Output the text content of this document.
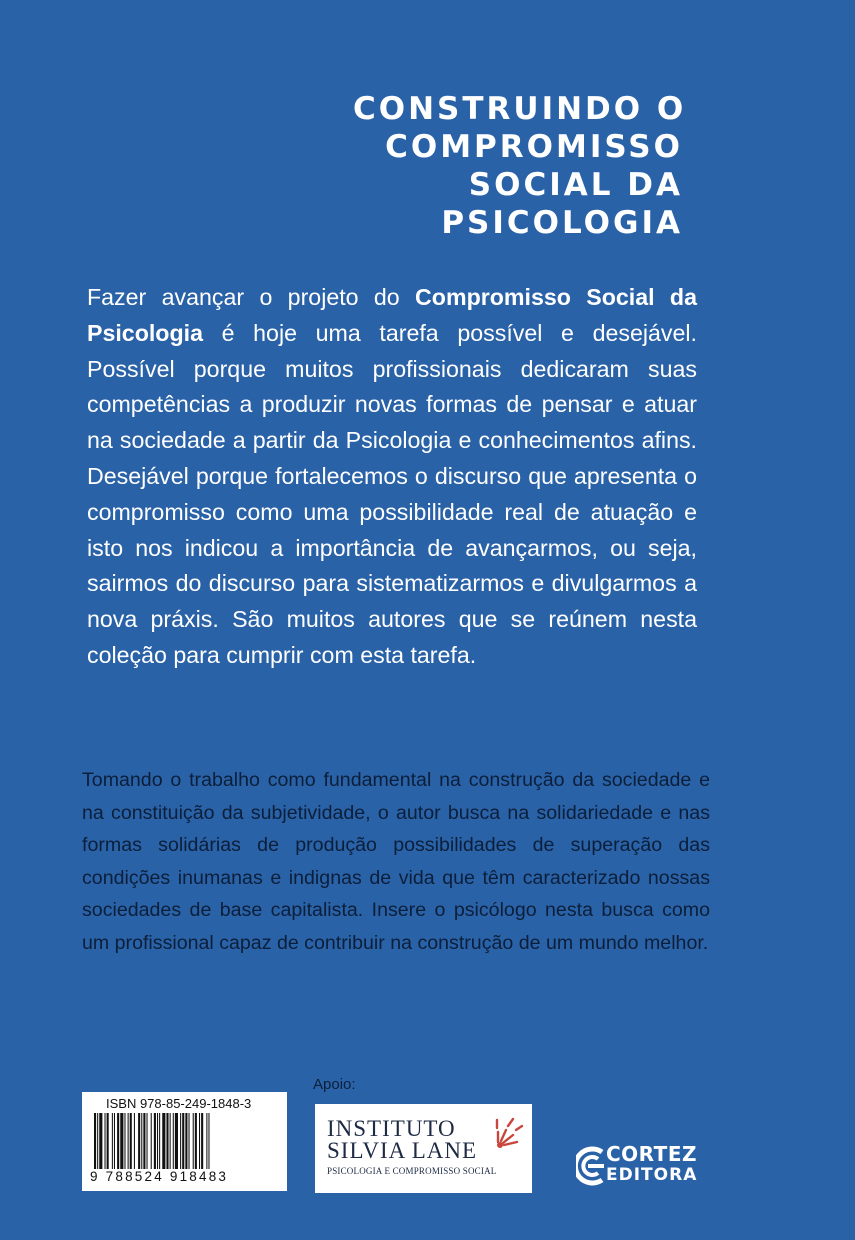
CONSTRUINDO O
COMPROMISSO
SOCIAL DA
PSICOLOGIA

Fazer avançar o projeto do Compromisso Social da Psicologia é hoje uma tarefa possível e desejável. Possível porque muitos profissionais dedicaram suas competências a produzir novas formas de pensar e atuar na sociedade a partir da Psicologia e conhecimentos afins. Desejável porque fortalecemos o discurso que apresenta o compromisso como uma possibilidade real de atuação e isto nos indicou a importância de avançarmos, ou seja, sairmos do discurso para sistematizarmos e divulgarmos a nova práxis. São muitos autores que se reúnem nesta coleção para cumprir com esta tarefa.

Tomando o trabalho como fundamental na construção da sociedade e na constituição da subjetividade, o autor busca na solidariedade e nas formas solidárias de produção possibilidades de superação das condições inumanas e indignas de vida que têm caracterizado nossas sociedades de base capitalista. Insere o psicólogo nesta busca como um profissional capaz de contribuir na construção de um mundo melhor.

Apoio:
ISBN 978-85-249-1848-3
9 788524 918483
INSTITUTO
SILVIA LANE
PSICOLOGIA E COMPROMISSO SOCIAL
CORTEZ
EDITORA
